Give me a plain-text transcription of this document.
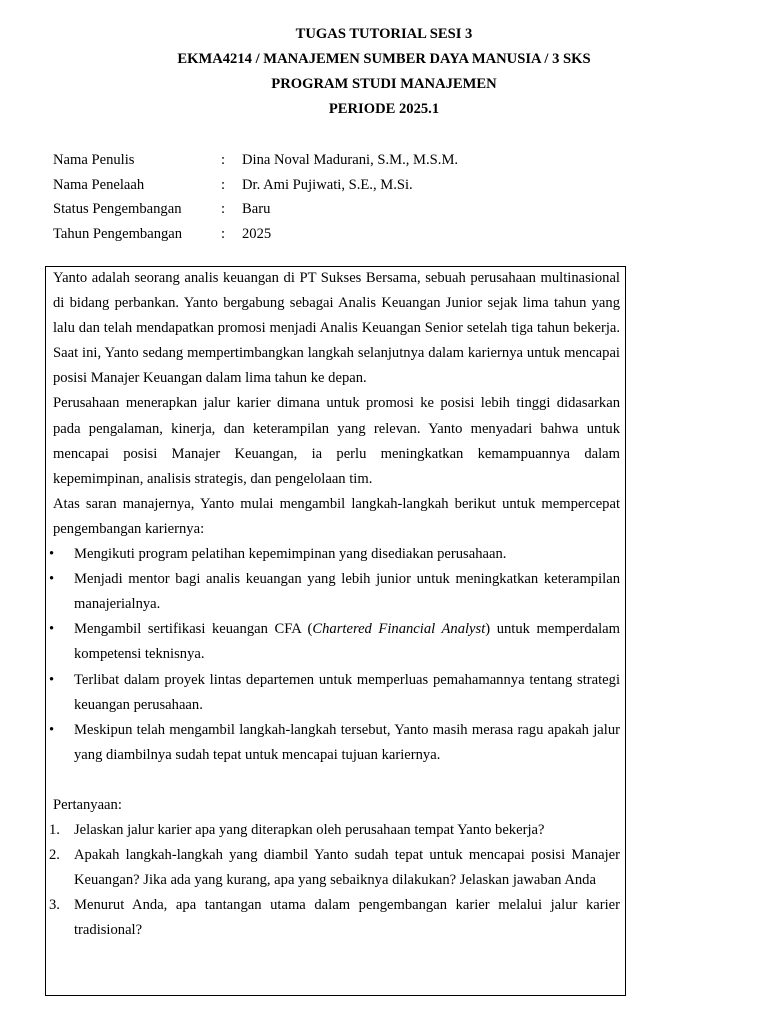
TUGAS TUTORIAL SESI 3
EKMA4214 / MANAJEMEN SUMBER DAYA MANUSIA / 3 SKS
PROGRAM STUDI MANAJEMEN
PERIODE 2025.1
Nama Penulis	: Dina Noval Madurani, S.M., M.S.M.
Nama Penelaah	: Dr. Ami Pujiwati, S.E., M.Si.
Status Pengembangan	: Baru
Tahun Pengembangan	: 2025
Yanto adalah seorang analis keuangan di PT Sukses Bersama, sebuah perusahaan multinasional di bidang perbankan. Yanto bergabung sebagai Analis Keuangan Junior sejak lima tahun yang lalu dan telah mendapatkan promosi menjadi Analis Keuangan Senior setelah tiga tahun bekerja. Saat ini, Yanto sedang mempertimbangkan langkah selanjutnya dalam kariernya untuk mencapai posisi Manajer Keuangan dalam lima tahun ke depan.
Perusahaan menerapkan jalur karier dimana untuk promosi ke posisi lebih tinggi didasarkan pada pengalaman, kinerja, dan keterampilan yang relevan. Yanto menyadari bahwa untuk mencapai posisi Manajer Keuangan, ia perlu meningkatkan kemampuannya dalam kepemimpinan, analisis strategis, dan pengelolaan tim.
Atas saran manajernya, Yanto mulai mengambil langkah-langkah berikut untuk mempercepat pengembangan kariernya:
• Mengikuti program pelatihan kepemimpinan yang disediakan perusahaan.
• Menjadi mentor bagi analis keuangan yang lebih junior untuk meningkatkan keterampilan manajerialnya.
• Mengambil sertifikasi keuangan CFA (Chartered Financial Analyst) untuk memperdalam kompetensi teknisnya.
• Terlibat dalam proyek lintas departemen untuk memperluas pemahamannya tentang strategi keuangan perusahaan.
• Meskipun telah mengambil langkah-langkah tersebut, Yanto masih merasa ragu apakah jalur yang diambilnya sudah tepat untuk mencapai tujuan kariernya.
Pertanyaan:
1. Jelaskan jalur karier apa yang diterapkan oleh perusahaan tempat Yanto bekerja?
2. Apakah langkah-langkah yang diambil Yanto sudah tepat untuk mencapai posisi Manajer Keuangan? Jika ada yang kurang, apa yang sebaiknya dilakukan? Jelaskan jawaban Anda
3. Menurut Anda, apa tantangan utama dalam pengembangan karier melalui jalur karier tradisional?
